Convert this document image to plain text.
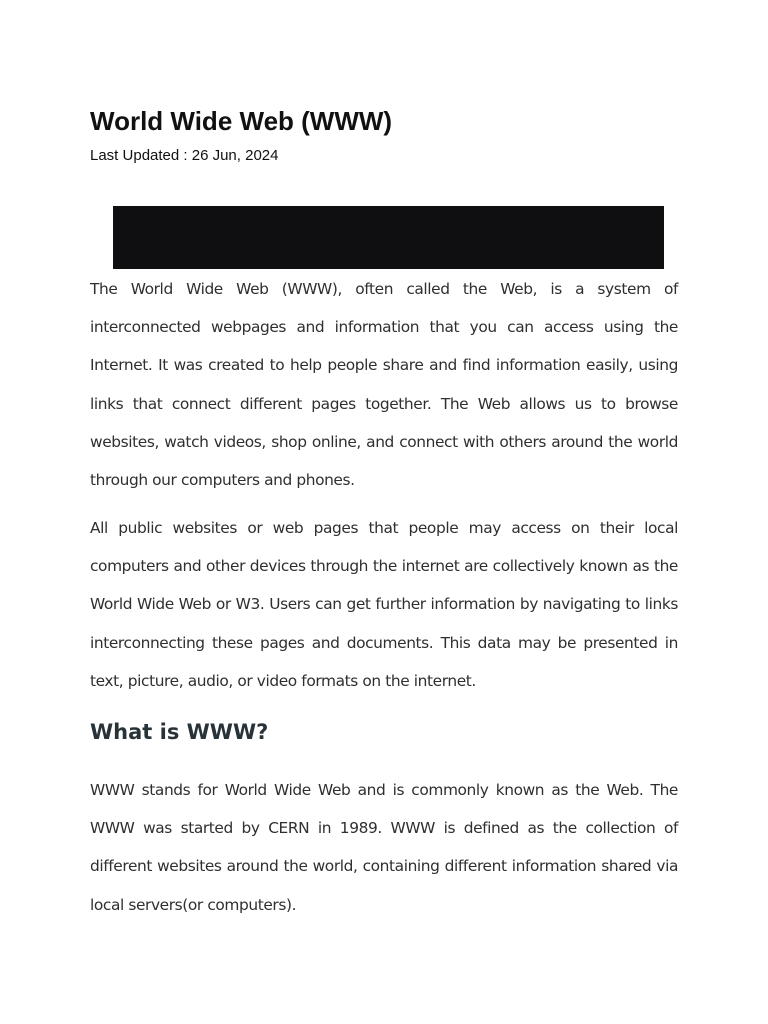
World Wide Web (WWW)
Last Updated : 26 Jun, 2024

The World Wide Web (WWW), often called the Web, is a system of interconnected webpages and information that you can access using the Internet. It was created to help people share and find information easily, using links that connect different pages together. The Web allows us to browse websites, watch videos, shop online, and connect with others around the world through our computers and phones.

All public websites or web pages that people may access on their local computers and other devices through the internet are collectively known as the World Wide Web or W3. Users can get further information by navigating to links interconnecting these pages and documents. This data may be presented in text, picture, audio, or video formats on the internet.

What is WWW?

WWW stands for World Wide Web and is commonly known as the Web. The WWW was started by CERN in 1989. WWW is defined as the collection of different websites around the world, containing different information shared via local servers(or computers).
